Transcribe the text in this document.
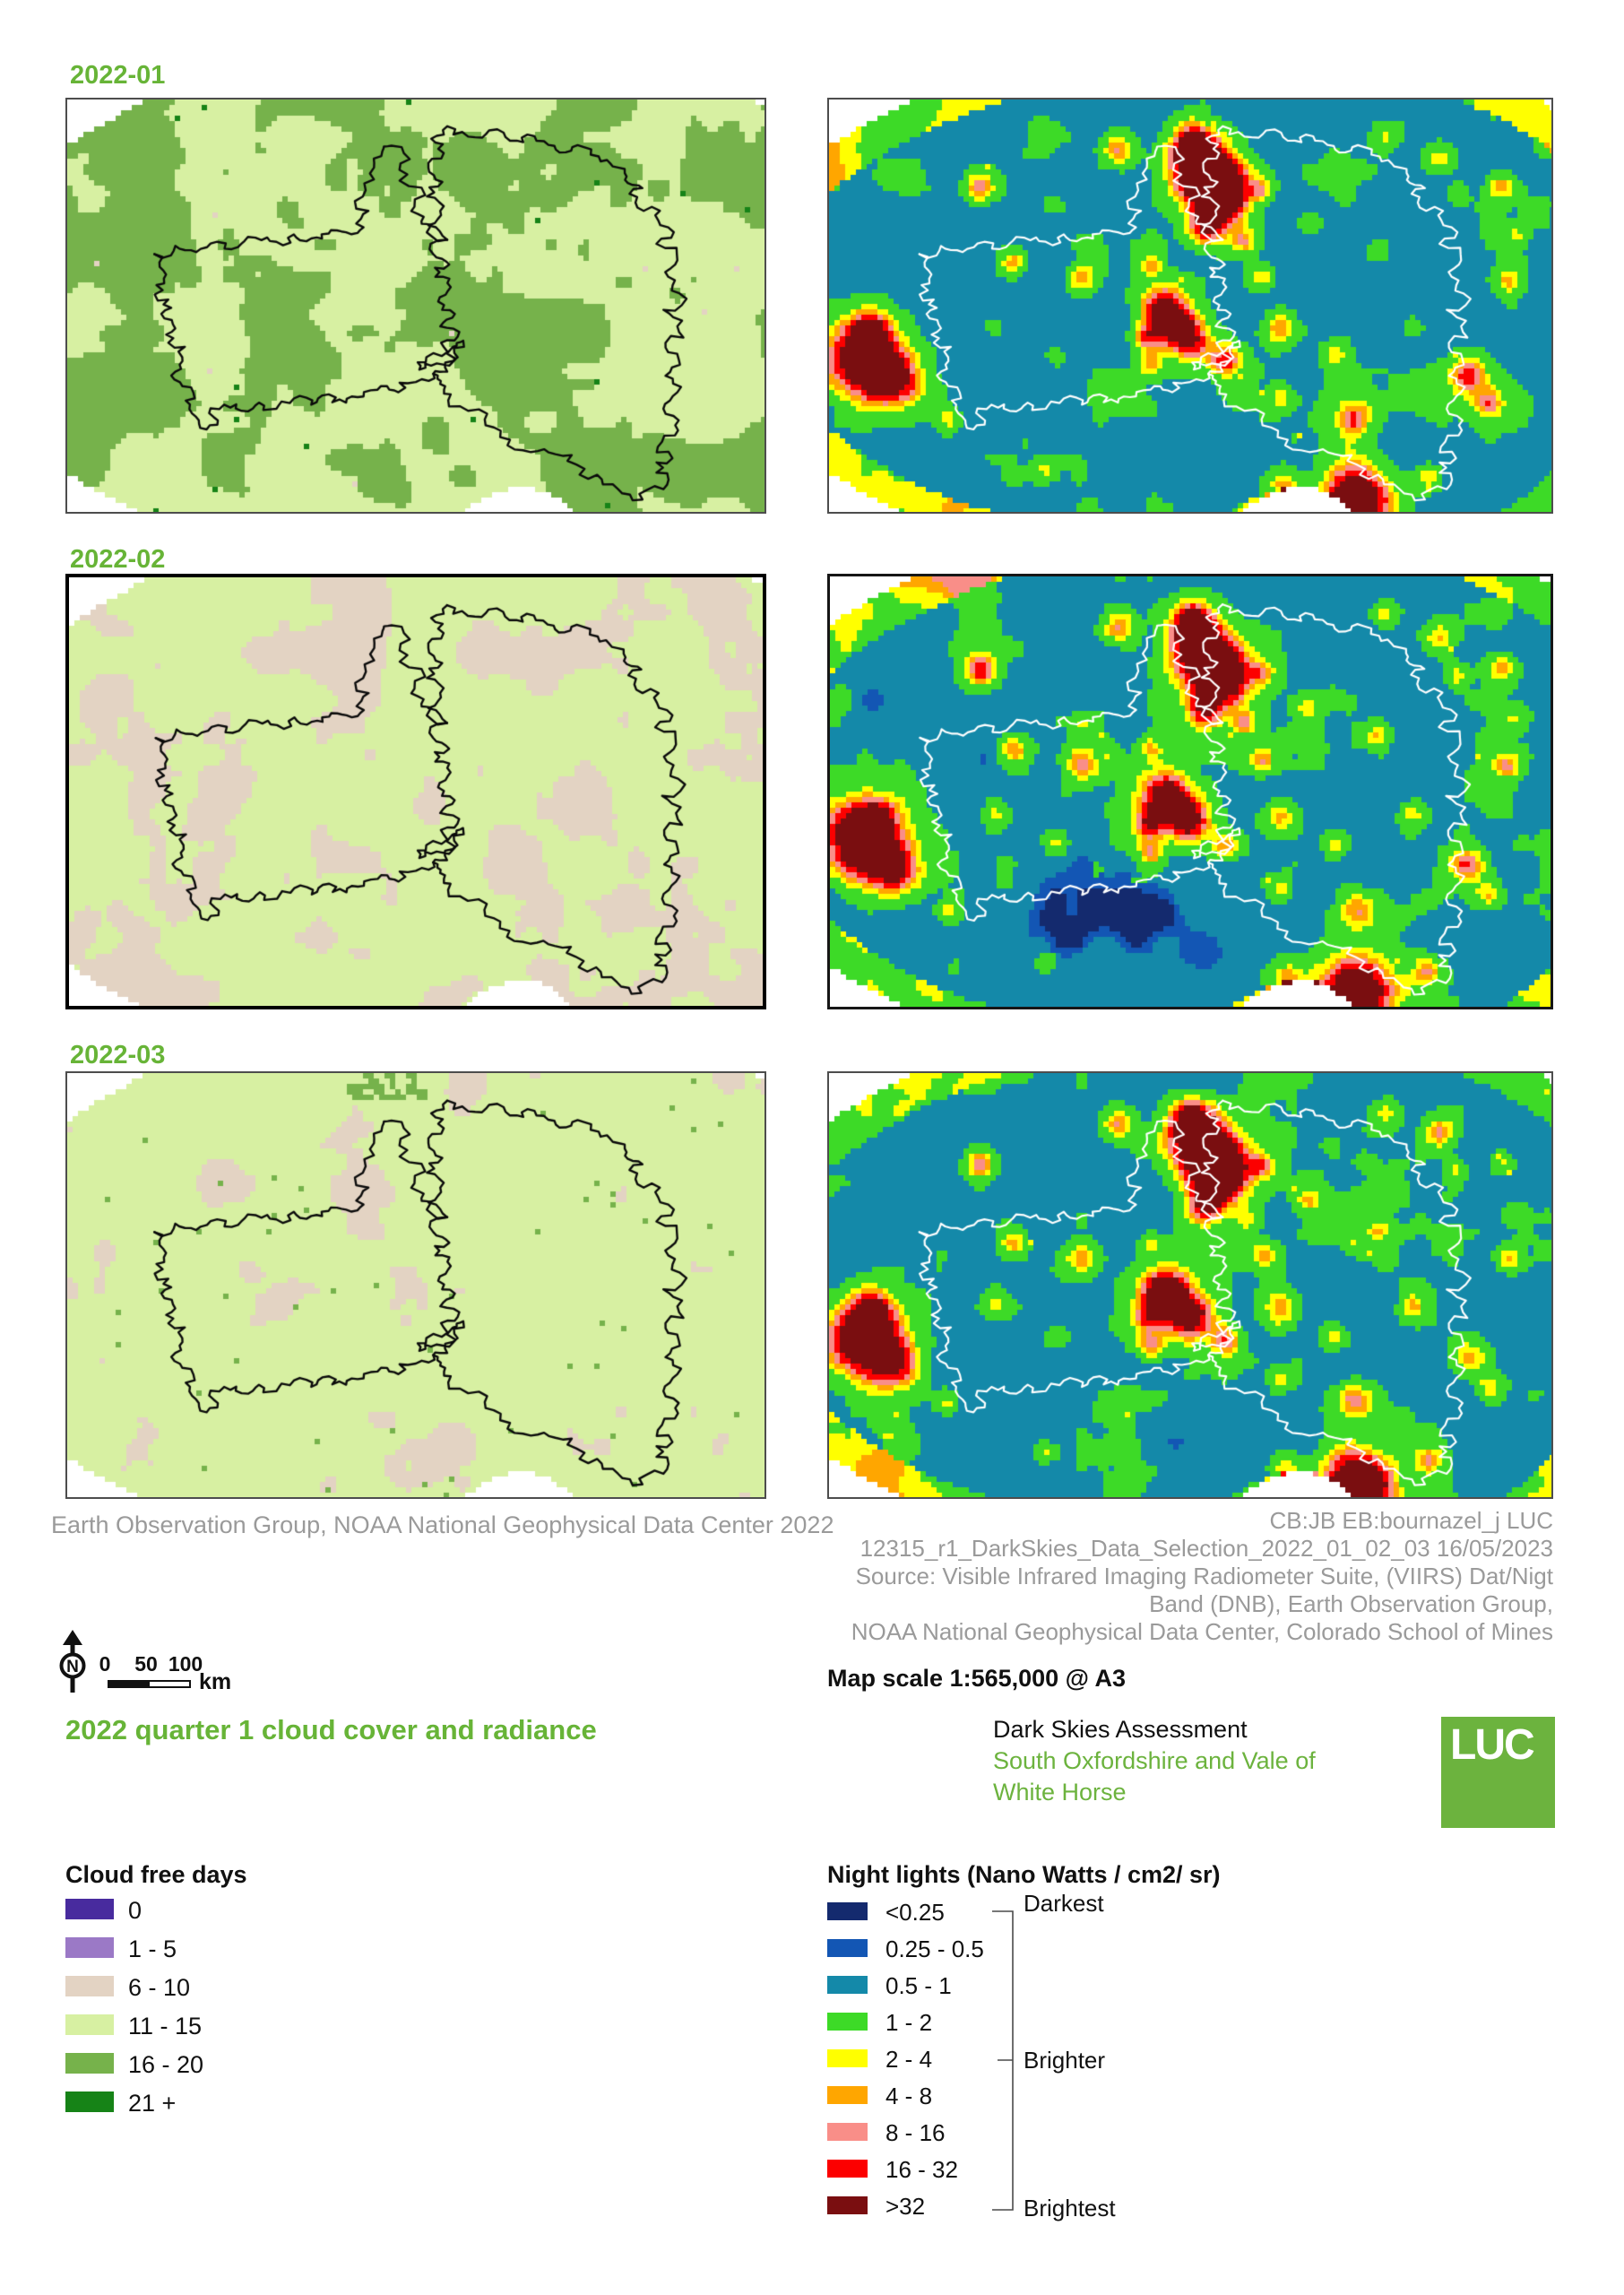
2022-01
2022-02
2022-03
Earth Observation Group, NOAA National Geophysical Data Center 2022	CB:JB EB:bournazel_j LUC
12315_r1_DarkSkies_Data_Selection_2022_01_02_03 16/05/2023
Source: Visible Infrared Imaging Radiometer Suite, (VIIRS) Dat/Nigt
Band (DNB), Earth Observation Group,
NOAA National Geophysical Data Center, Colorado School of Mines
Map scale 1:565,000 @ A3
N 0	50 100
km
2022 quarter 1 cloud cover and radiance	Dark Skies Assessment
South Oxfordshire and Vale of
White Horse
LUC
Cloud free days
0
1 - 5
6 - 10
11 - 15
16 - 20
21 +
Night lights (Nano Watts / cm2/ sr)
<0.25
0.25 - 0.5
0.5 - 1
1 - 2
2 - 4
4 - 8
8 - 16
16 - 32
>32
Darkest
Brighter
Brightest
